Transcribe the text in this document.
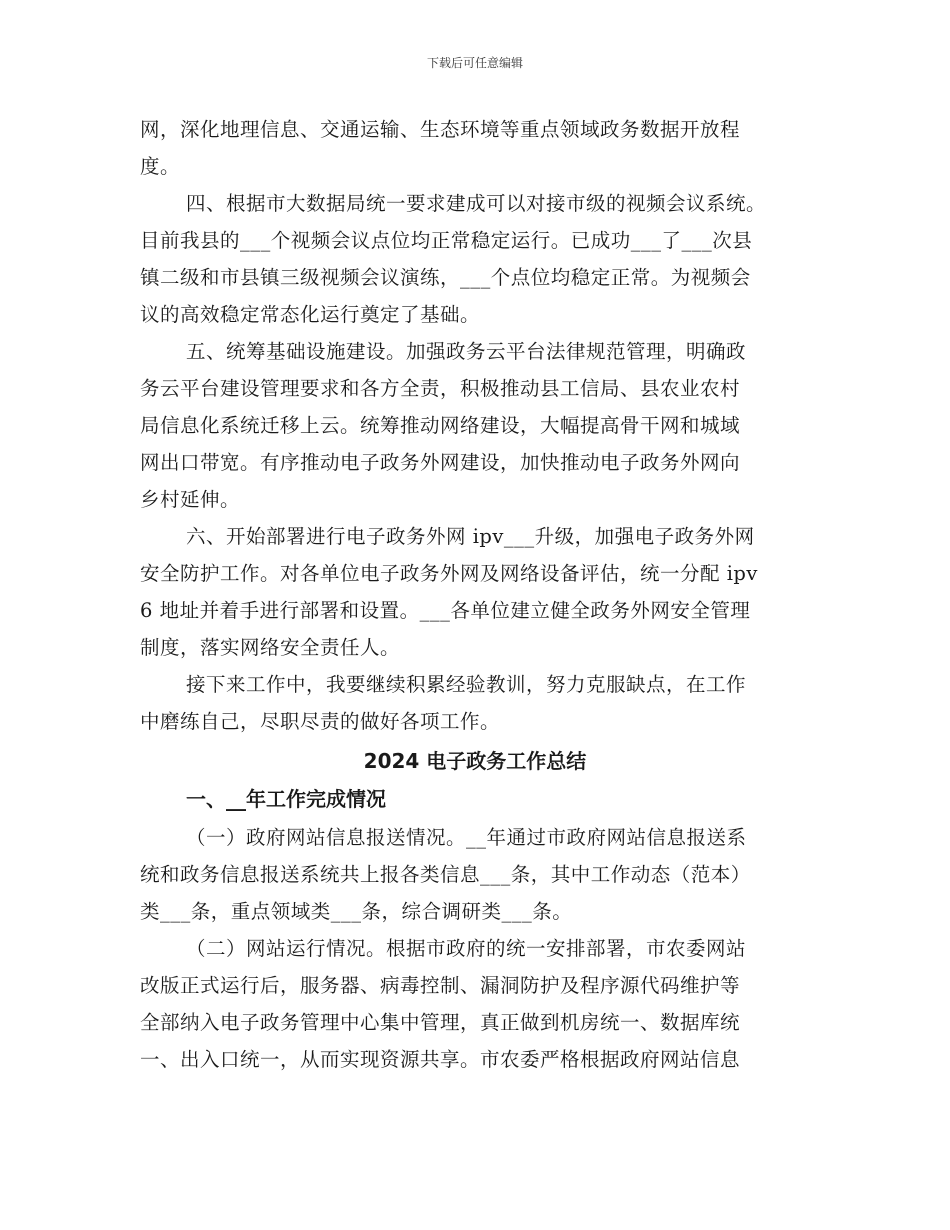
下载后可任意编辑
网，深化地理信息、交通运输、生态环境等重点领域政务数据开放程
度。
四、根据市大数据局统一要求建成可以对接市级的视频会议系统。
目前我县的___个视频会议点位均正常稳定运行。已成功___了___次县
镇二级和市县镇三级视频会议演练，___个点位均稳定正常。为视频会
议的高效稳定常态化运行奠定了基础。
五、统筹基础设施建设。加强政务云平台法律规范管理，明确政
务云平台建设管理要求和各方全责，积极推动县工信局、县农业农村
局信息化系统迁移上云。统筹推动网络建设，大幅提高骨干网和城域
网出口带宽。有序推动电子政务外网建设，加快推动电子政务外网向
乡村延伸。
六、开始部署进行电子政务外网 ipv___升级，加强电子政务外网
安全防护工作。对各单位电子政务外网及网络设备评估，统一分配 ipv
6 地址并着手进行部署和设置。___各单位建立健全政务外网安全管理
制度，落实网络安全责任人。
接下来工作中，我要继续积累经验教训，努力克服缺点，在工作
中磨练自己，尽职尽责的做好各项工作。
2024 电子政务工作总结
一、__年工作完成情况
（一）政府网站信息报送情况。__年通过市政府网站信息报送系
统和政务信息报送系统共上报各类信息___条，其中工作动态（范本）
类___条，重点领域类___条，综合调研类___条。
（二）网站运行情况。根据市政府的统一安排部署，市农委网站
改版正式运行后，服务器、病毒控制、漏洞防护及程序源代码维护等
全部纳入电子政务管理中心集中管理，真正做到机房统一、数据库统
一、出入口统一，从而实现资源共享。市农委严格根据政府网站信息
